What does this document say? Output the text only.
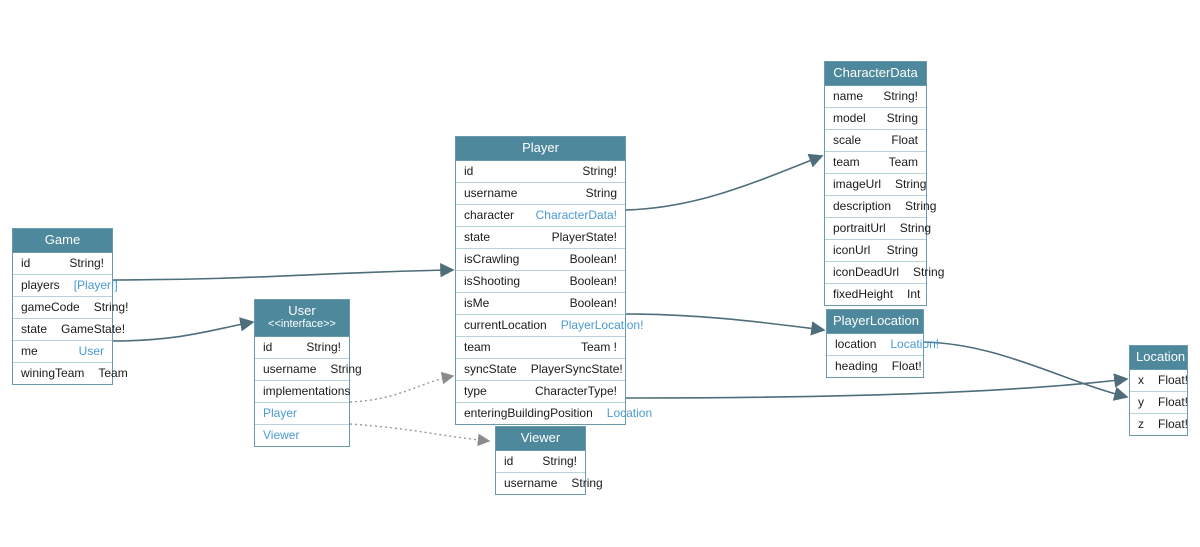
Game
id	String!
players [Player!]
gameCode String!
state GameState!
me	User
winingTeam Team
User
<<interface>>
id	String!
username String
implementations
Player
Viewer
Player
id	String!
username	String
character CharacterData!
state	PlayerState!
isCrawling	Boolean!
isShooting	Boolean!
isMe	Boolean!
currentLocation PlayerLocation!
team	Team !
syncState PlayerSyncState!
type	CharacterType!
enteringBuildingPosition Location
Viewer
id String!
username String
CharacterData
name String!
model String
scale	Float
team Team
imageUrl String
description String
portraitUrl String
iconUrl String
iconDeadUrl String
fixedHeight Int
PlayerLocation
location Location!
heading Float!
Location
x Float!
y Float!
z Float!
